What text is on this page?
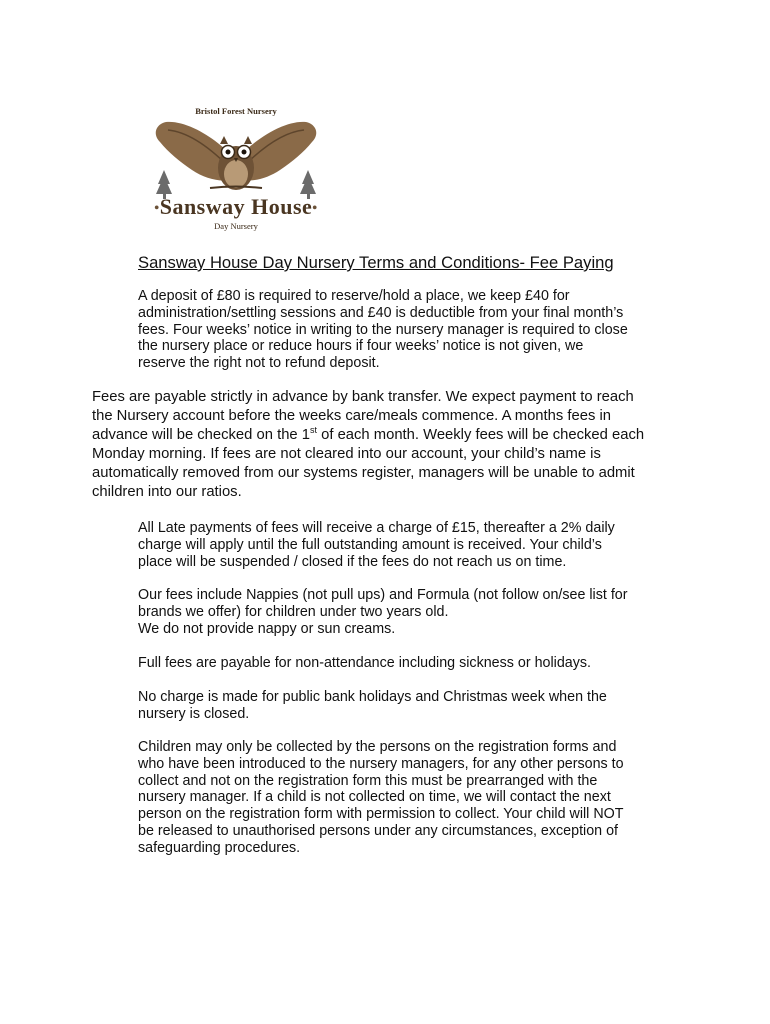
Bristol Forest Nursery
•Sansway House•
Day Nursery
Sansway House Day Nursery Terms and Conditions- Fee Paying

A deposit of £80 is required to reserve/hold a place, we keep £40 for
administration/settling sessions and £40 is deductible from your final month’s
fees. Four weeks’ notice in writing to the nursery manager is required to close
the nursery place or reduce hours if four weeks’ notice is not given, we
reserve the right not to refund deposit.

Fees are payable strictly in advance by bank transfer. We expect payment to reach
the Nursery account before the weeks care/meals commence. A months fees in
advance will be checked on the 1st of each month. Weekly fees will be checked each
Monday morning. If fees are not cleared into our account, your child’s name is
automatically removed from our systems register, managers will be unable to admit
children into our ratios.

All Late payments of fees will receive a charge of £15, thereafter a 2% daily
charge will apply until the full outstanding amount is received. Your child’s
place will be suspended / closed if the fees do not reach us on time.

Our fees include Nappies (not pull ups) and Formula (not follow on/see list for
brands we offer) for children under two years old.
We do not provide nappy or sun creams.

Full fees are payable for non-attendance including sickness or holidays.

No charge is made for public bank holidays and Christmas week when the
nursery is closed.

Children may only be collected by the persons on the registration forms and
who have been introduced to the nursery managers, for any other persons to
collect and not on the registration form this must be prearranged with the
nursery manager. If a child is not collected on time, we will contact the next
person on the registration form with permission to collect. Your child will NOT
be released to unauthorised persons under any circumstances, exception of
safeguarding procedures.
